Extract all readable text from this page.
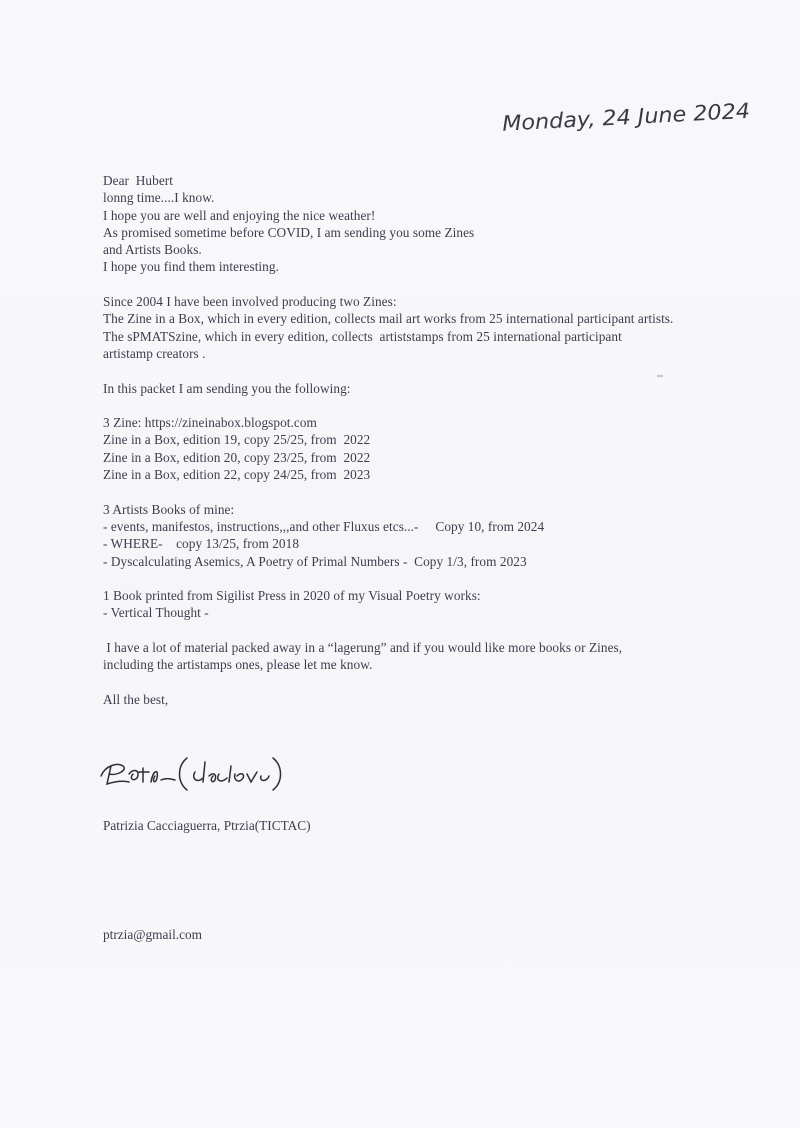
Monday, 24 June 2024
Dear  Hubert
lonng time....I know.
I hope you are well and enjoying the nice weather!
As promised sometime before COVID, I am sending you some Zines
and Artists Books.
I hope you find them interesting.
Since 2004 I have been involved producing two Zines:
The Zine in a Box, which in every edition, collects mail art works from 25 international participant artists.
The sPMATSzine, which in every edition, collects  artiststamps from 25 international participant
artistamp creators .
In this packet I am sending you the following:
3 Zine: https://zineinabox.blogspot.com
Zine in a Box, edition 19, copy 25/25, from  2022
Zine in a Box, edition 20, copy 23/25, from  2022
Zine in a Box, edition 22, copy 24/25, from  2023
3 Artists Books of mine:
- events, manifestos, instructions,,,and other Fluxus etcs...-     Copy 10, from 2024
- WHERE-    copy 13/25, from 2018
- Dyscalculating Asemics, A Poetry of Primal Numbers -  Copy 1/3, from 2023
1 Book printed from Sigilist Press in 2020 of my Visual Poetry works:
- Vertical Thought -
I have a lot of material packed away in a “lagerung” and if you would like more books or Zines,
including the artistamps ones, please let me know.
All the best,
Patrizia Cacciaguerra, Ptrzia(TICTAC)
ptrzia@gmail.com
